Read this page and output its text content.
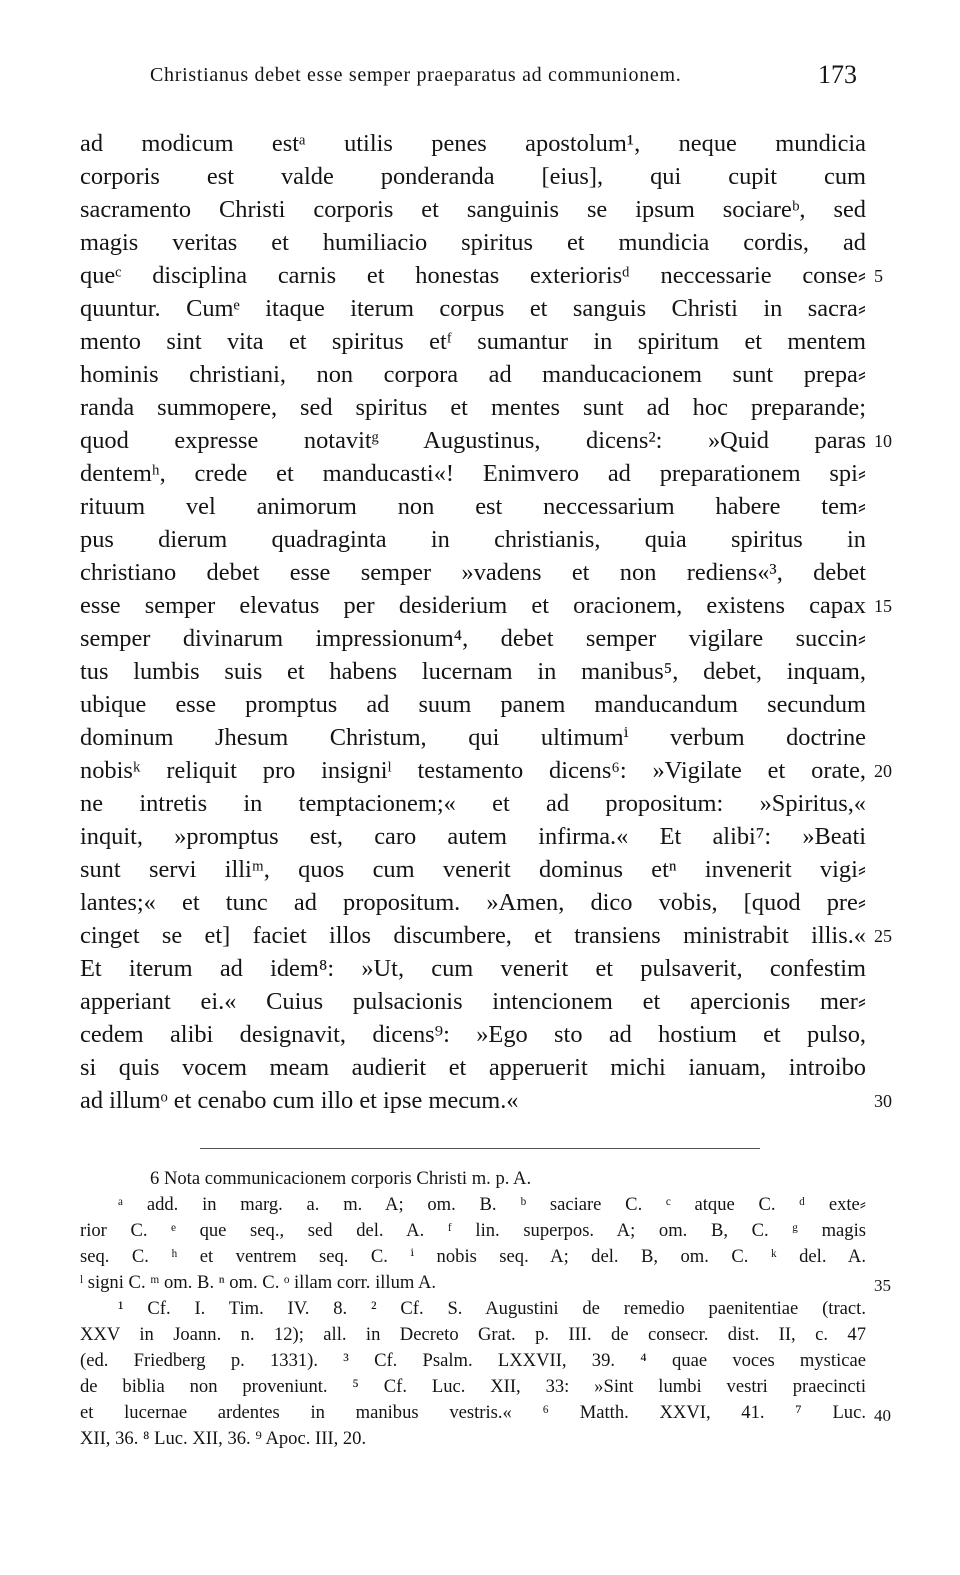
Christianus debet esse semper praeparatus ad communionem.	173
ad modicum estᵃ utilis penes apostolum¹, neque mundicia
corporis est valde ponderanda [eius], qui cupit cum
sacramento Christi corporis et sanguinis se ipsum sociareᵇ, sed
magis veritas et humiliacio spiritus et mundicia cordis, ad
queᶜ disciplina carnis et honestas exteriorisᵈ neccessarie conse⸗
quuntur. Cumᵉ itaque iterum corpus et sanguis Christi in sacra⸗
mento sint vita et spiritus etᶠ sumantur in spiritum et mentem
hominis christiani, non corpora ad manducacionem sunt prepa⸗
randa summopere, sed spiritus et mentes sunt ad hoc preparande;
quod expresse notavitᵍ Augustinus, dicens²: »Quid paras
dentemʰ, crede et manducasti«! Enimvero ad preparationem spi⸗
rituum vel animorum non est neccessarium habere tem⸗
pus dierum quadraginta in christianis, quia spiritus in
christiano debet esse semper »vadens et non rediens«³, debet
esse semper elevatus per desiderium et oracionem, existens capax
semper divinarum impressionum⁴, debet semper vigilare succin⸗
tus lumbis suis et habens lucernam in manibus⁵, debet, inquam,
ubique esse promptus ad suum panem manducandum secundum
dominum Jhesum Christum, qui ultimumⁱ verbum doctrine
nobisᵏ reliquit pro insigniˡ testamento dicens⁶: »Vigilate et orate,
ne intretis in temptacionem;« et ad propositum: »Spiritus,«
inquit, »promptus est, caro autem infirma.« Et alibi⁷: »Beati
sunt servi illiᵐ, quos cum venerit dominus etⁿ invenerit vigi⸗
lantes;« et tunc ad propositum. »Amen, dico vobis, [quod pre⸗
cinget se et] faciet illos discumbere, et transiens ministrabit illis.«
Et iterum ad idem⁸: »Ut, cum venerit et pulsaverit, confestim
apperiant ei.« Cuius pulsacionis intencionem et apercionis mer⸗
cedem alibi designavit, dicens⁹: »Ego sto ad hostium et pulso,
si quis vocem meam audierit et apperuerit michi ianuam, introibo
ad illumᵒ et cenabo cum illo et ipse mecum.«
5
10
15
20
25
30
6 Nota communicacionem corporis Christi m. p. A.
ᵃ add. in marg. a. m. A; om. B. ᵇ saciare C. ᶜ atque C. ᵈ exte⸗
rior C. ᵉ que seq., sed del. A. ᶠ lin. superpos. A; om. B, C. ᵍ magis
seq. C. ʰ et ventrem seq. C. ⁱ nobis seq. A; del. B, om. C. ᵏ del. A.
ˡ signi C. ᵐ om. B. ⁿ om. C. ᵒ illam corr. illum A.
¹ Cf. I. Tim. IV. 8. ² Cf. S. Augustini de remedio paenitentiae (tract.
XXV in Joann. n. 12); all. in Decreto Grat. p. III. de consecr. dist. II, c. 47
(ed. Friedberg p. 1331). ³ Cf. Psalm. LXXVII, 39. ⁴ quae voces mysticae
de biblia non proveniunt. ⁵ Cf. Luc. XII, 33: »Sint lumbi vestri praecincti
et lucernae ardentes in manibus vestris.« ⁶ Matth. XXVI, 41. ⁷ Luc.
XII, 36. ⁸ Luc. XII, 36. ⁹ Apoc. III, 20.
35
40
